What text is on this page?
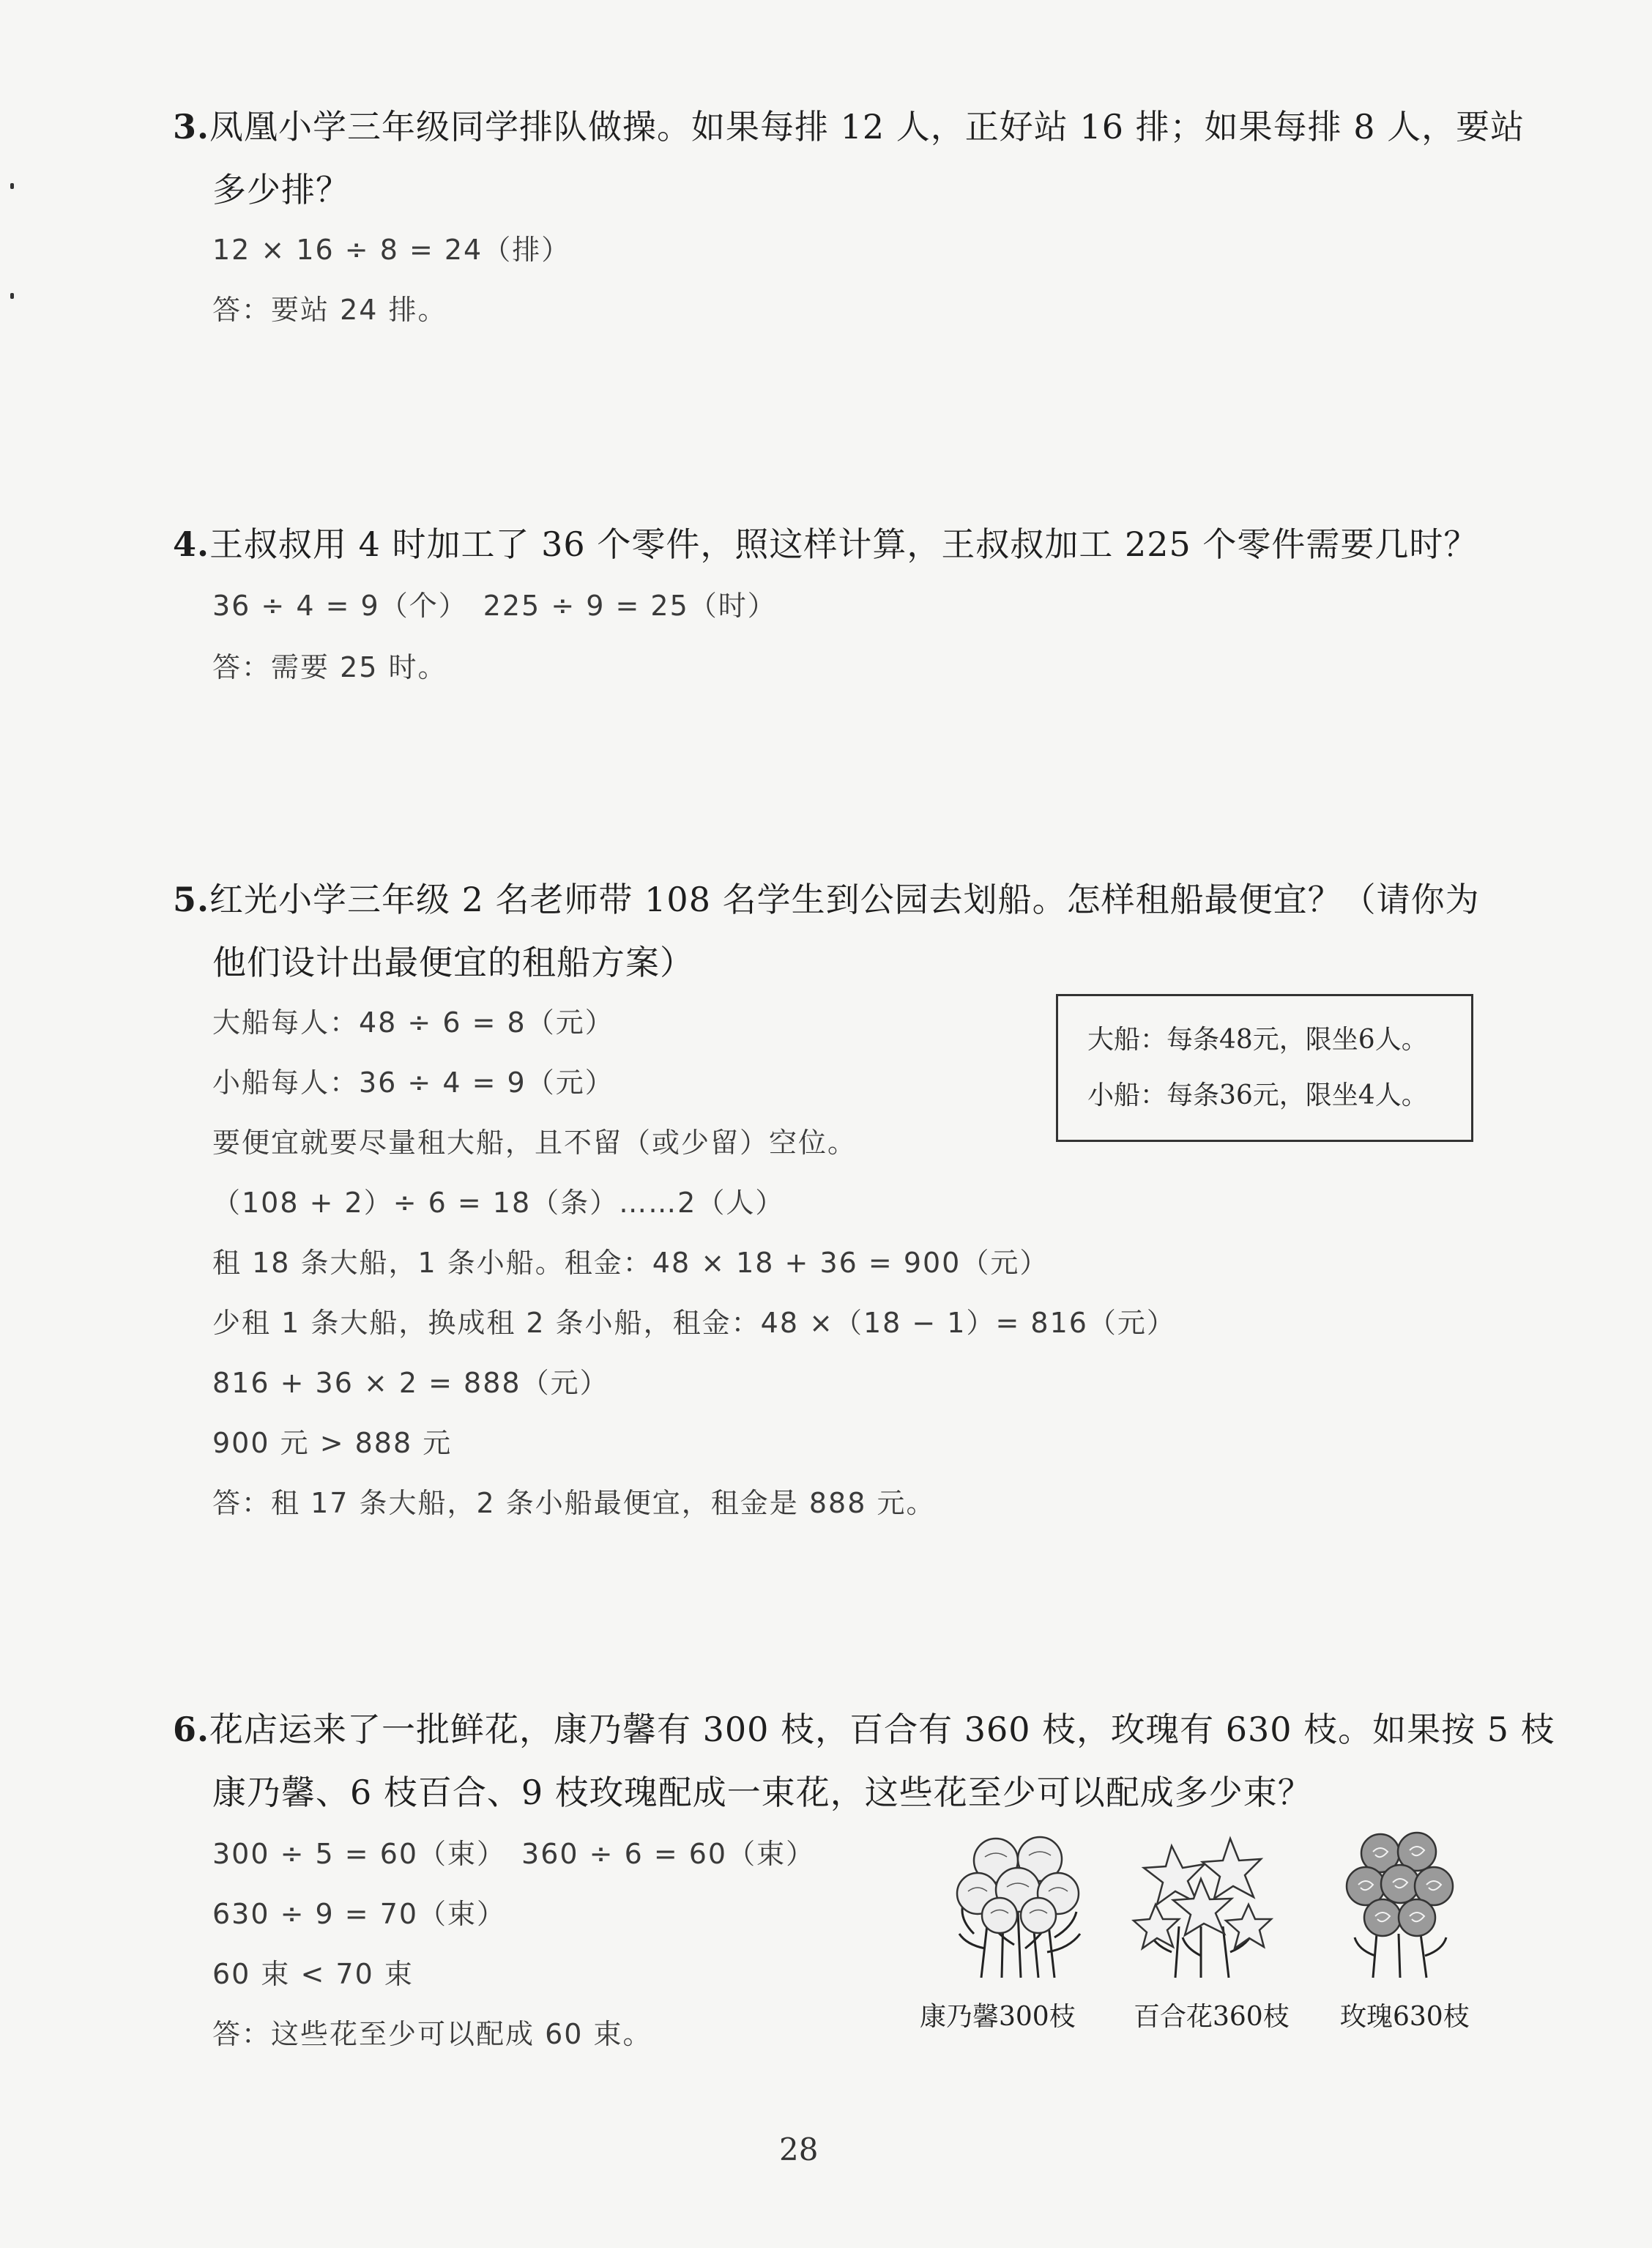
3.凤凰小学三年级同学排队做操。如果每排 12 人，正好站 16 排；如果每排 8 人，要站
多少排？
12 × 16 ÷ 8 = 24（排）
答：要站 24 排。
4.王叔叔用 4 时加工了 36 个零件，照这样计算，王叔叔加工 225 个零件需要几时？
36 ÷ 4 = 9（个）　225 ÷ 9 = 25（时）
答：需要 25 时。
5.红光小学三年级 2 名老师带 108 名学生到公园去划船。怎样租船最便宜？（请你为
他们设计出最便宜的租船方案）
大船每人：48 ÷ 6 = 8（元）
小船每人：36 ÷ 4 = 9（元）
要便宜就要尽量租大船，且不留（或少留）空位。
（108 + 2）÷ 6 = 18（条）……2（人）
租 18 条大船，1 条小船。租金：48 × 18 + 36 = 900（元）
少租 1 条大船，换成租 2 条小船，租金：48 ×（18 − 1）= 816（元）
816 + 36 × 2 = 888（元）
900 元 > 888 元
答：租 17 条大船，2 条小船最便宜，租金是 888 元。
大船：每条48元，限坐6人。
小船：每条36元，限坐4人。
6.花店运来了一批鲜花，康乃馨有 300 枝，百合有 360 枝，玫瑰有 630 枝。如果按 5 枝
康乃馨、6 枝百合、9 枝玫瑰配成一束花，这些花至少可以配成多少束？
300 ÷ 5 = 60（束）　360 ÷ 6 = 60（束）
630 ÷ 9 = 70（束）
60 束 < 70 束
答：这些花至少可以配成 60 束。
康乃馨300枝 百合花360枝 玫瑰630枝
28
